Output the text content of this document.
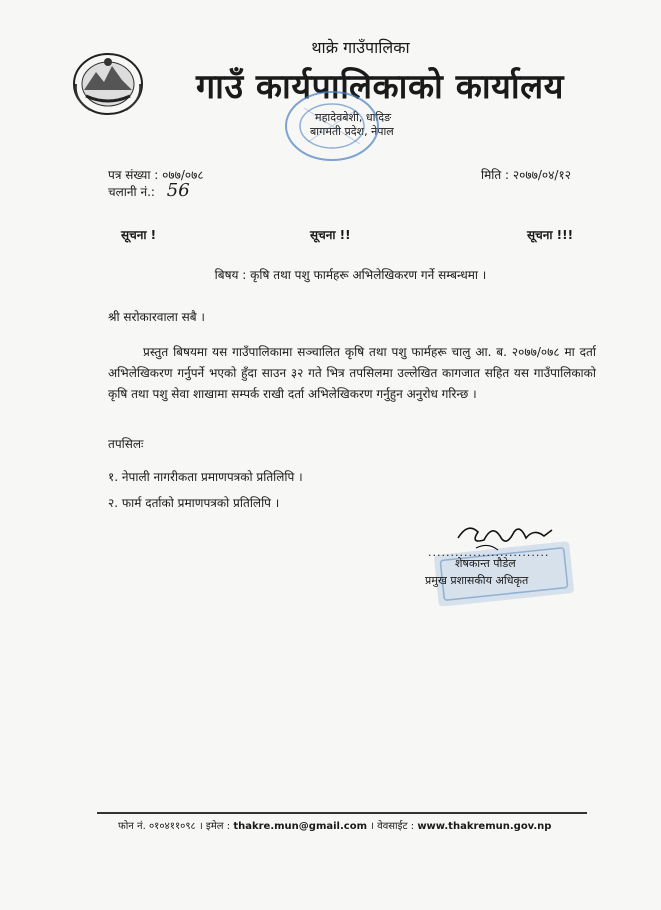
थाक्रे गाउँपालिका
गाउँ कार्यपालिकाको कार्यालय
महादेवबेशी, धादिङ
बागमती प्रदेश, नेपाल
पत्र संख्या : ०७७/०७८
चलानी नं.: 56
मिति : २०७७/०४/१२
सूचना !	सूचना !!	सूचना !!!
बिषय : कृषि तथा पशु फार्महरू अभिलेखिकरण गर्ने सम्बन्धमा ।
श्री सरोकारवाला सबै ।
प्रस्तुत बिषयमा यस गाउँपालिकामा सञ्चालित कृषि तथा पशु फार्महरू चालु आ. ब. २०७७/०७८ मा दर्ता अभिलेखिकरण गर्नुपर्ने भएको हुँदा साउन ३२ गते भित्र तपसिलमा उल्लेखित कागजात सहित यस गाउँपालिकाको कृषि तथा पशु सेवा शाखामा सम्पर्क राखी दर्ता अभिलेखिकरण गर्नुहुन अनुरोध गरिन्छ ।
तपसिलः
१. नेपाली नागरीकता प्रमाणपत्रको प्रतिलिपि ।
२. फार्म दर्ताको प्रमाणपत्रको प्रतिलिपि ।
...........................
शेषकान्त पौडेल
प्रमुख प्रशासकीय अधिकृत
फोन नं. ०१०४११०९८ । इमेल : thakre.mun@gmail.com । वेवसाईट : www.thakremun.gov.np
